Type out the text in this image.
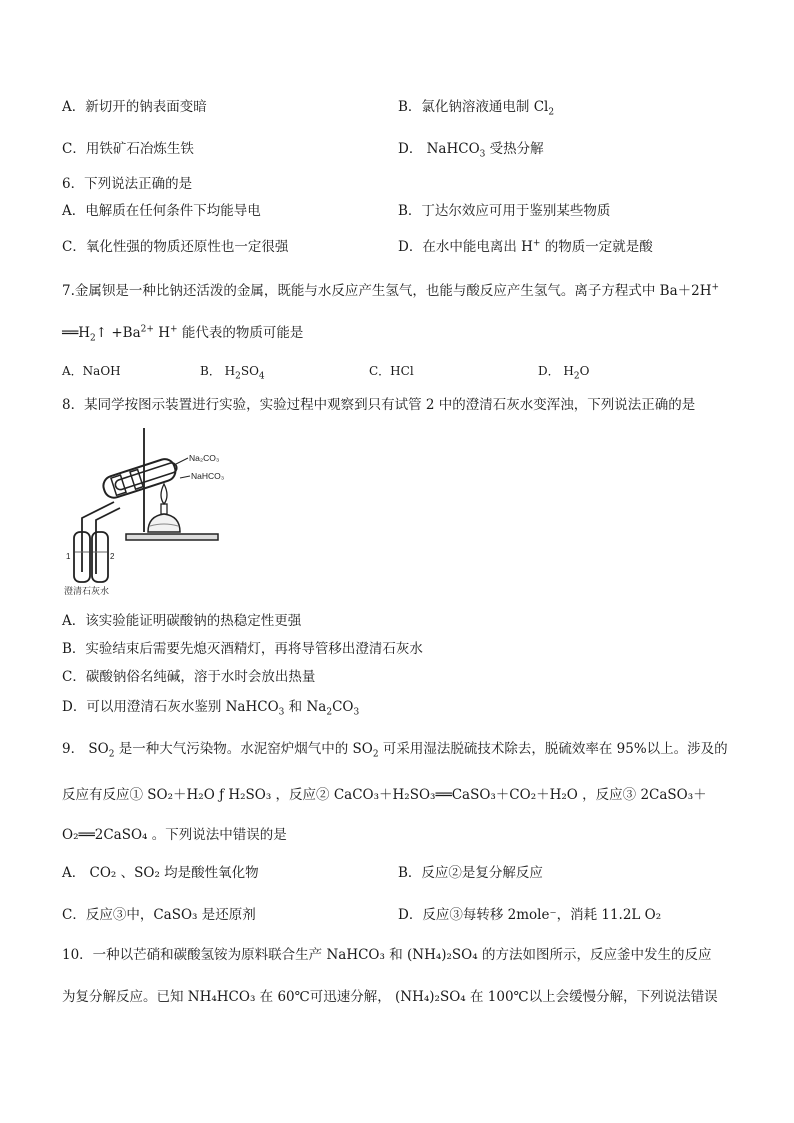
A．新切开的钠表面变暗	B．氯化钠溶液通电制 $Cl_2$
C．用铁矿石冶炼生铁	D． NaHCO$_3$ 受热分解
6．下列说法正确的是
A．电解质在任何条件下均能导电	B．丁达尔效应可用于鉴别某些物质
C．氧化性强的物质还原性也一定很强	D．在水中能电离出 H+ 的物质一定就是酸
7.金属钡是一种比钠还活泼的金属，既能与水反应产生氢气，也能与酸反应产生氢气。离子方程式中 Ba＋2H+
$══H_2↑ +Ba^{2+}$ H+ 能代表的物质可能是
A．NaOH	B． $H_2SO_4$	C．HCl	D． $H_2O$
8．某同学按图示装置进行实验，实验过程中观察到只有试管 2 中的澄清石灰水变浑浊，下列说法正确的是
Na₂CO₃
NaHCO₃
1	2
澄清石灰水
A．该实验能证明碳酸钠的热稳定性更强
B．实验结束后需要先熄灭酒精灯，再将导管移出澄清石灰水
C．碳酸钠俗名纯碱，溶于水时会放出热量
D．可以用澄清石灰水鉴别 NaHCO$_3$ 和 $Na_2CO_3$
9． $SO_2$ 是一种大气污染物。水泥窑炉烟气中的 $SO_2$ 可采用湿法脱硫技术除去，脱硫效率在 95%以上。涉及的
反应有反应① SO₂＋H₂O ƒ H₂SO₃ ，反应② CaCO₃＋H₂SO₃══CaSO₃＋CO₂＋H₂O ，反应③ 2CaSO₃＋
O₂══2CaSO₄ 。下列说法中错误的是
A． CO₂ 、SO₂ 均是酸性氧化物	B．反应②是复分解反应
C．反应③中，CaSO₃ 是还原剂	D．反应③每转移 2mole⁻，消耗 11.2L O₂
10．一种以芒硝和碳酸氢铵为原料联合生产 NaHCO₃ 和 (NH₄)₂SO₄ 的方法如图所示，反应釜中发生的反应
为复分解反应。已知 NH₄HCO₃ 在 60℃可迅速分解， (NH₄)₂SO₄ 在 100℃以上会缓慢分解，下列说法错误
